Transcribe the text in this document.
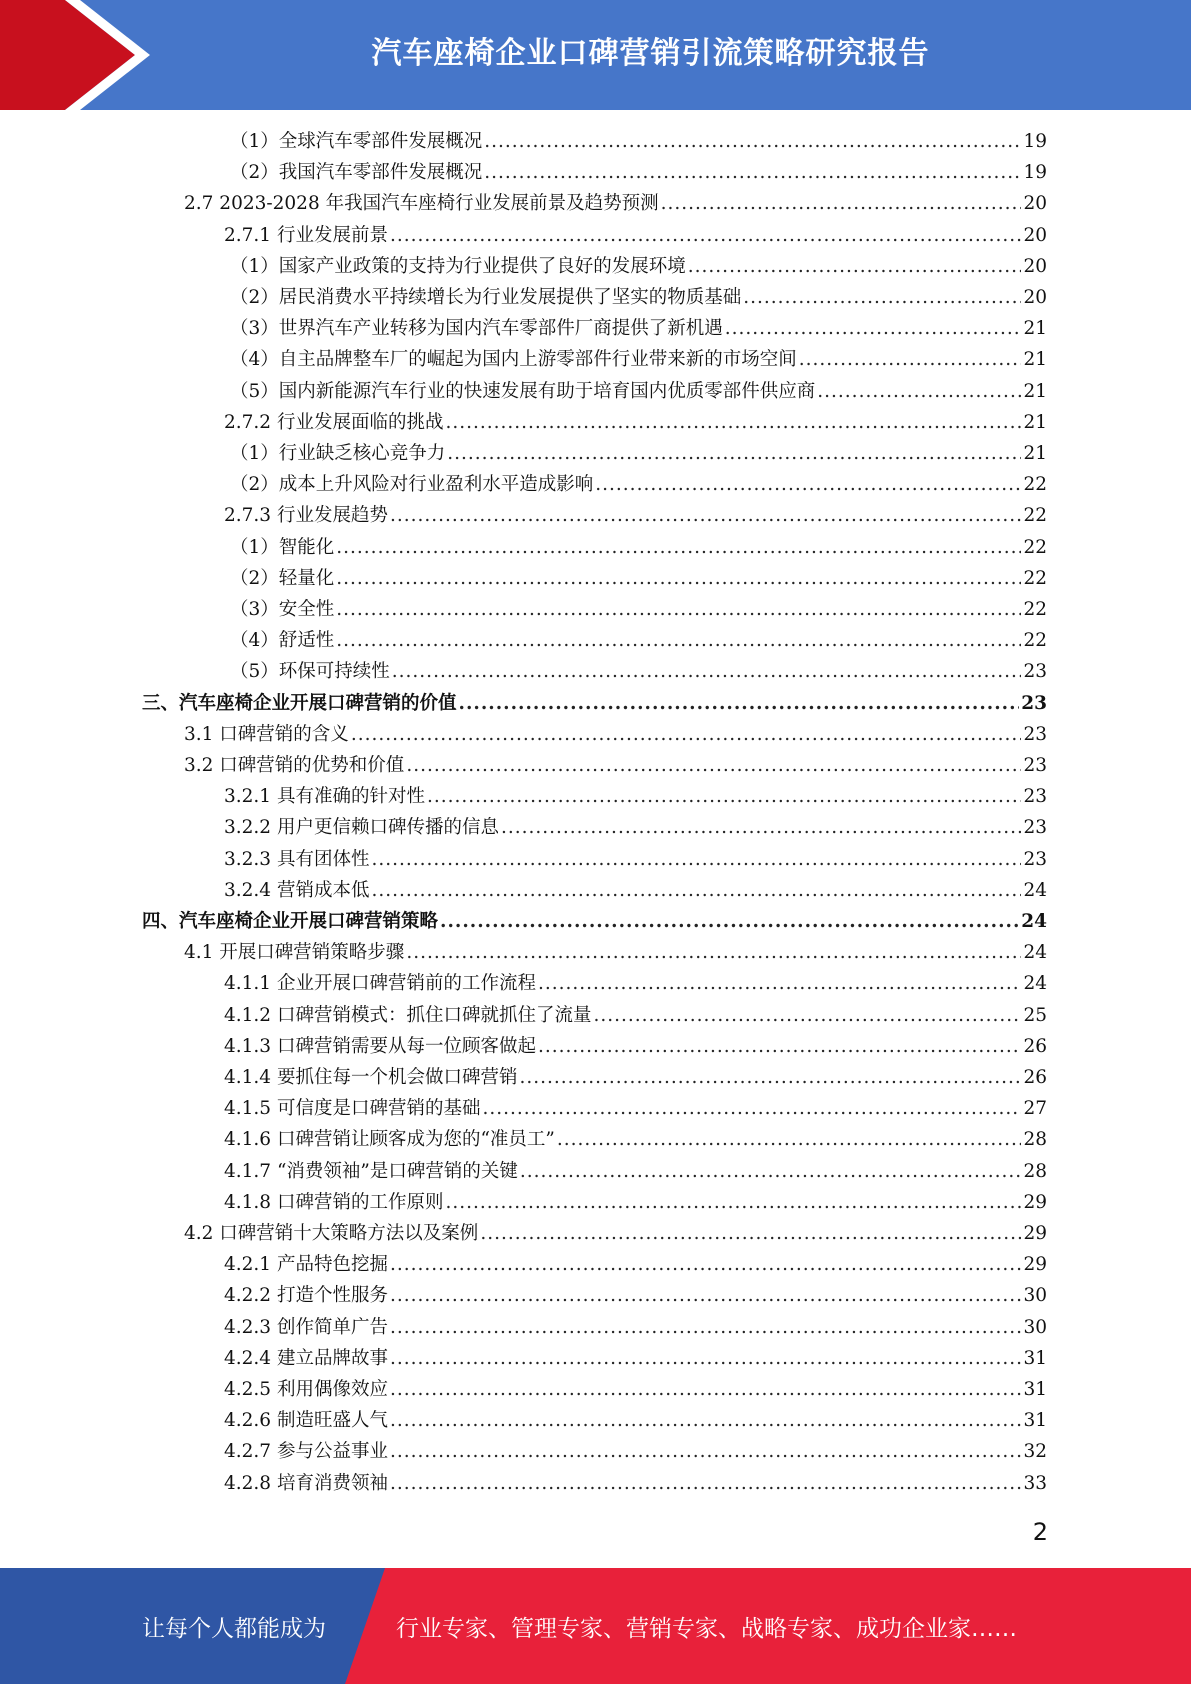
汽车座椅企业口碑营销引流策略研究报告
（1）全球汽车零部件发展概况 .....	19
（2）我国汽车零部件发展概况 .....	19
2.7 2023-2028 年我国汽车座椅行业发展前景及趋势预测 .....	20
2.7.1 行业发展前景 .....	20
（1）国家产业政策的支持为行业提供了良好的发展环境 .....	20
（2）居民消费水平持续增长为行业发展提供了坚实的物质基础 .....	20
（3）世界汽车产业转移为国内汽车零部件厂商提供了新机遇 .....	21
（4）自主品牌整车厂的崛起为国内上游零部件行业带来新的市场空间 .....	21
（5）国内新能源汽车行业的快速发展有助于培育国内优质零部件供应商 .....	21
2.7.2 行业发展面临的挑战 .....	21
（1）行业缺乏核心竞争力 .....	21
（2）成本上升风险对行业盈利水平造成影响 .....	22
2.7.3 行业发展趋势 .....	22
（1）智能化 .....	22
（2）轻量化 .....	22
（3）安全性 .....	22
（4）舒适性 .....	22
（5）环保可持续性 .....	23
三、汽车座椅企业开展口碑营销的价值 .....	23
3.1 口碑营销的含义 .....	23
3.2 口碑营销的优势和价值 .....	23
3.2.1 具有准确的针对性 .....	23
3.2.2 用户更信赖口碑传播的信息 .....	23
3.2.3 具有团体性 .....	23
3.2.4 营销成本低 .....	24
四、汽车座椅企业开展口碑营销策略 .....	24
4.1 开展口碑营销策略步骤 .....	24
4.1.1 企业开展口碑营销前的工作流程 .....	24
4.1.2 口碑营销模式：抓住口碑就抓住了流量 .....	25
4.1.3 口碑营销需要从每一位顾客做起 .....	26
4.1.4 要抓住每一个机会做口碑营销 .....	26
4.1.5 可信度是口碑营销的基础 .....	27
4.1.6 口碑营销让顾客成为您的“准员工” .....	28
4.1.7 “消费领袖”是口碑营销的关键 .....	28
4.1.8 口碑营销的工作原则 .....	29
4.2 口碑营销十大策略方法以及案例 .....	29
4.2.1 产品特色挖掘 .....	29
4.2.2 打造个性服务 .....	30
4.2.3 创作简单广告 .....	30
4.2.4 建立品牌故事 .....	31
4.2.5 利用偶像效应 .....	31
4.2.6 制造旺盛人气 .....	31
4.2.7 参与公益事业 .....	32
4.2.8 培育消费领袖 .....	33
2
让每个人都能成为	行业专家、管理专家、营销专家、战略专家、成功企业家……
